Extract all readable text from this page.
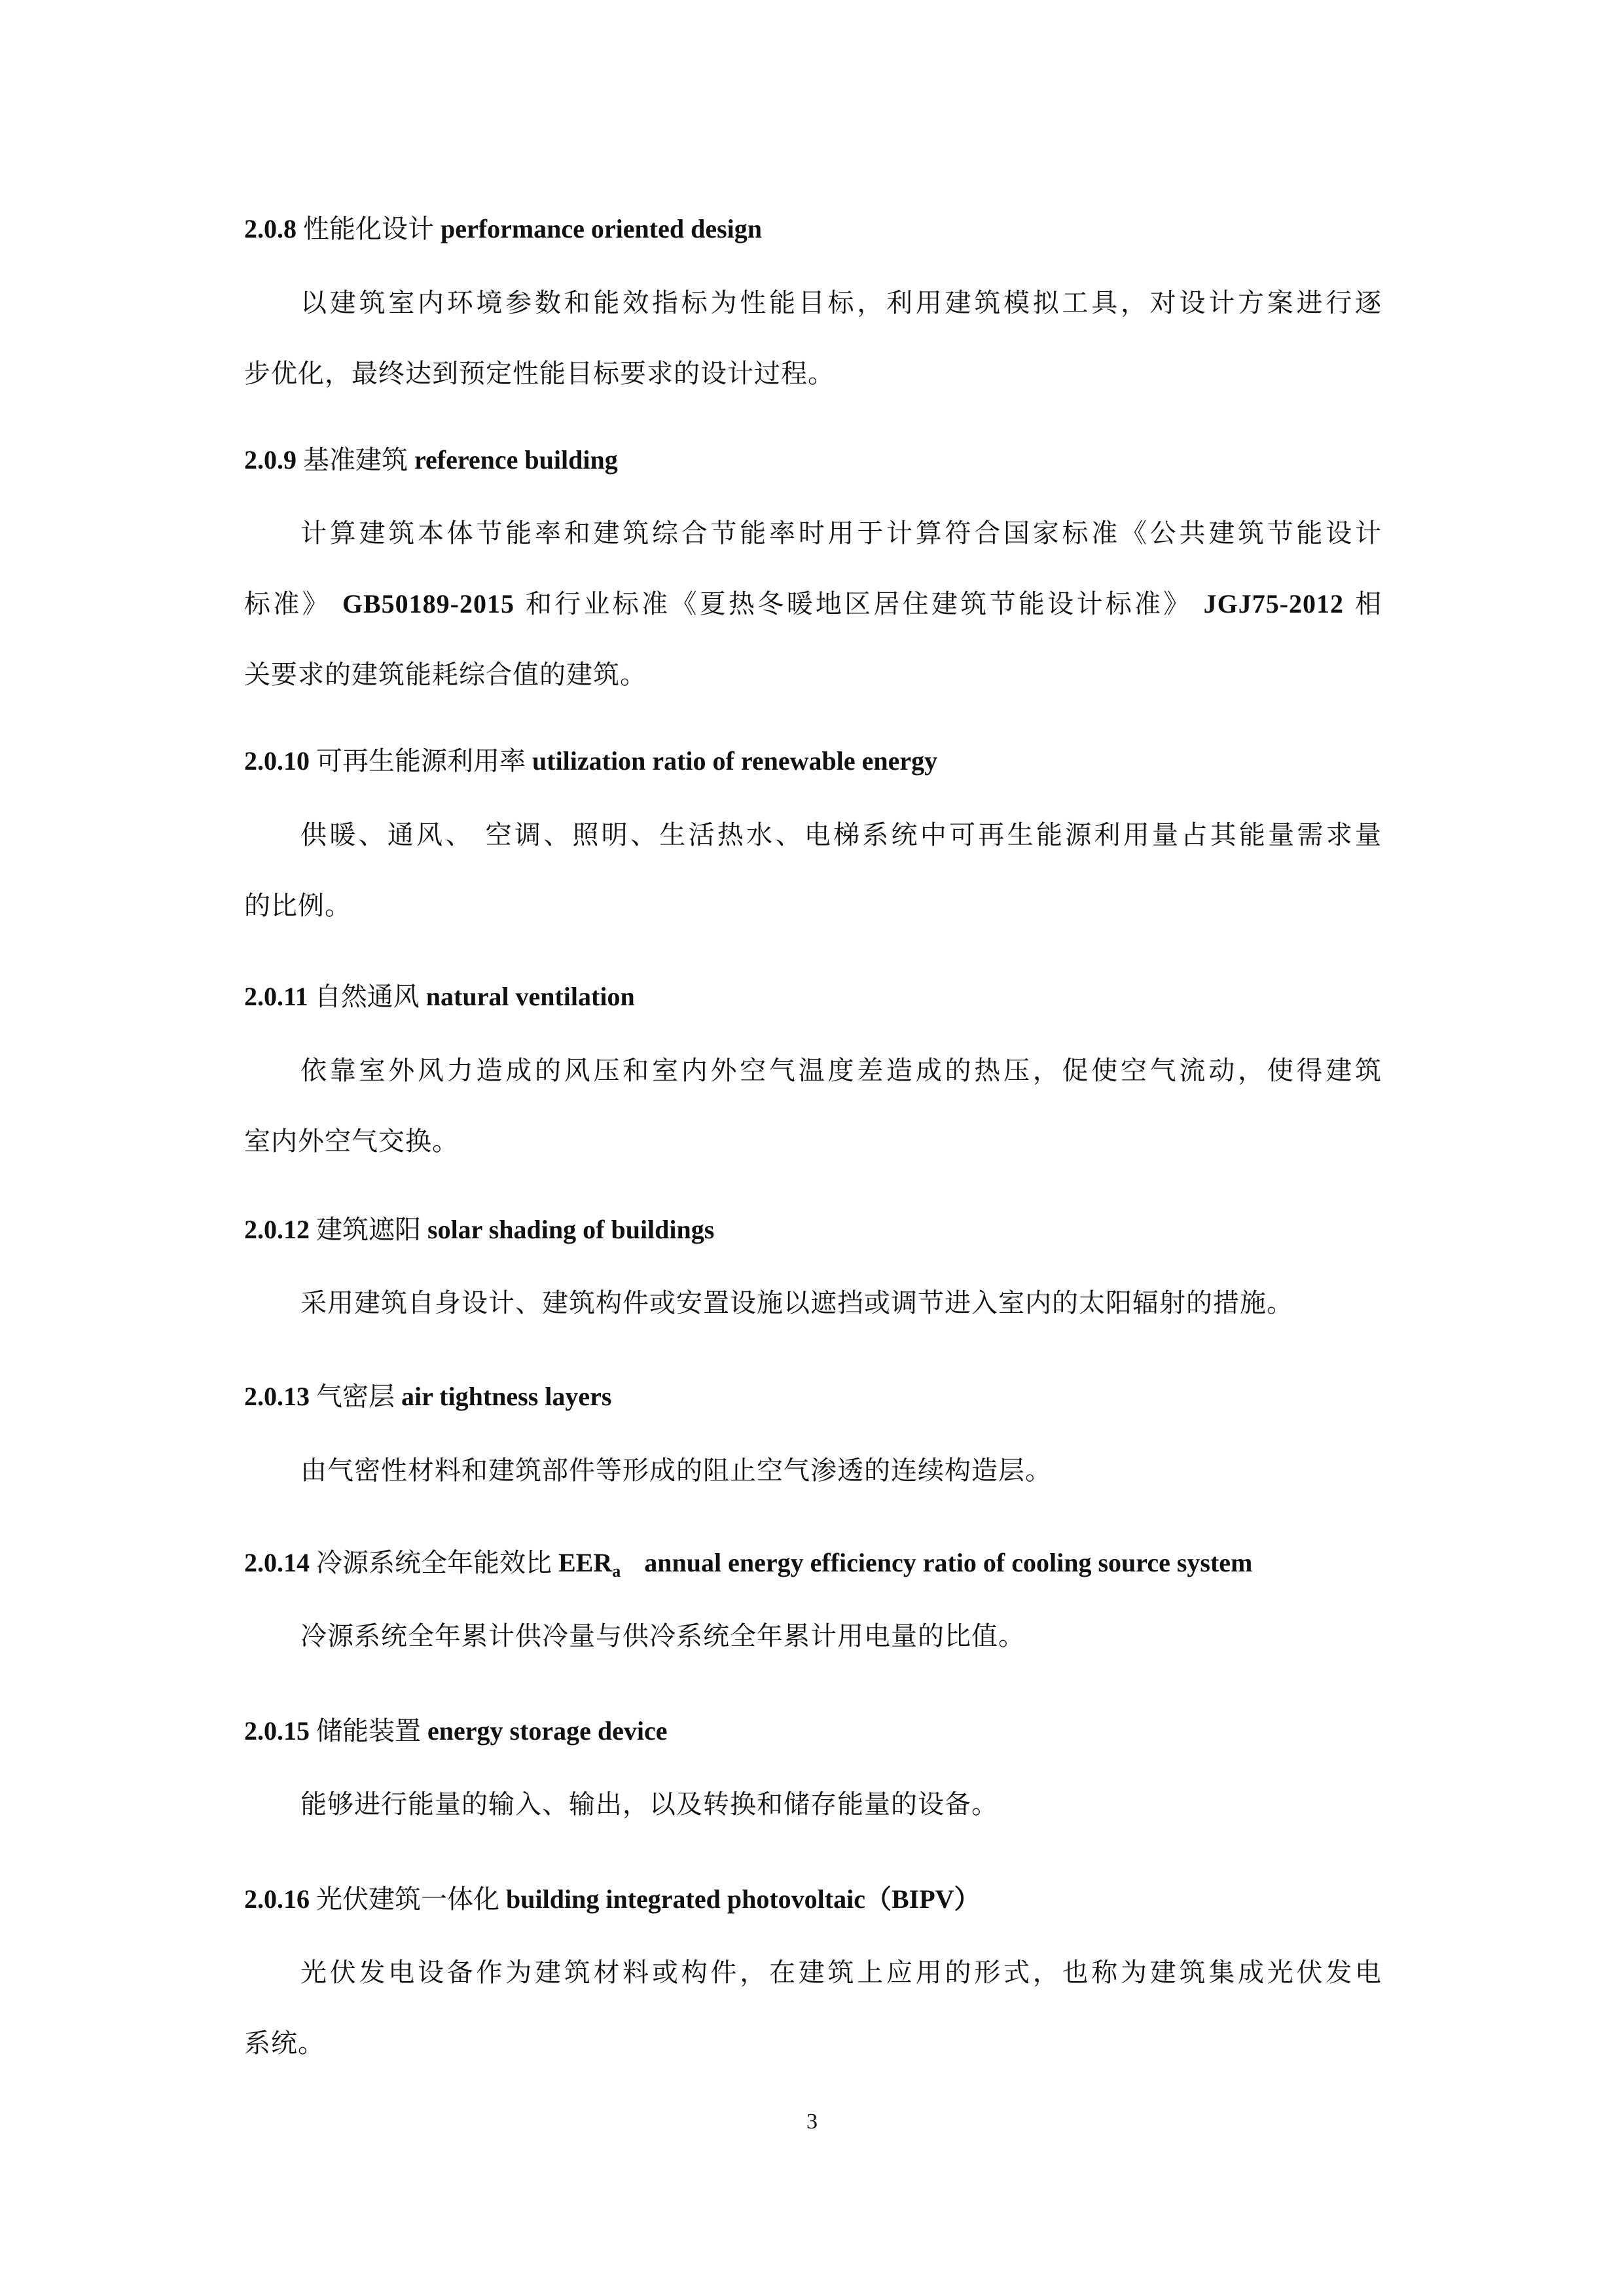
2.0.8 性能化设计 performance oriented design
以建筑室内环境参数和能效指标为性能目标，利用建筑模拟工具，对设计方案进行逐
步优化，最终达到预定性能目标要求的设计过程。
2.0.9 基准建筑 reference building
计算建筑本体节能率和建筑综合节能率时用于计算符合国家标准《公共建筑节能设计
标准》 GB50189-2015 和行业标准《夏热冬暖地区居住建筑节能设计标准》 JGJ75-2012 相
关要求的建筑能耗综合值的建筑。
2.0.10 可再生能源利用率 utilization ratio of renewable energy
供暖、通风、 空调、照明、生活热水、电梯系统中可再生能源利用量占其能量需求量
的比例。
2.0.11 自然通风 natural ventilation
依靠室外风力造成的风压和室内外空气温度差造成的热压，促使空气流动，使得建筑
室内外空气交换。
2.0.12 建筑遮阳 solar shading of buildings
采用建筑自身设计、建筑构件或安置设施以遮挡或调节进入室内的太阳辐射的措施。
2.0.13 气密层 air tightness layers
由气密性材料和建筑部件等形成的阻止空气渗透的连续构造层。
2.0.14 冷源系统全年能效比 $EER_a$ annual energy efficiency ratio of cooling source system
冷源系统全年累计供冷量与供冷系统全年累计用电量的比值。
2.0.15 储能装置 energy storage device
能够进行能量的输入、输出，以及转换和储存能量的设备。
2.0.16 光伏建筑一体化 building integrated photovoltaic（BIPV）
光伏发电设备作为建筑材料或构件，在建筑上应用的形式，也称为建筑集成光伏发电
系统。
3
